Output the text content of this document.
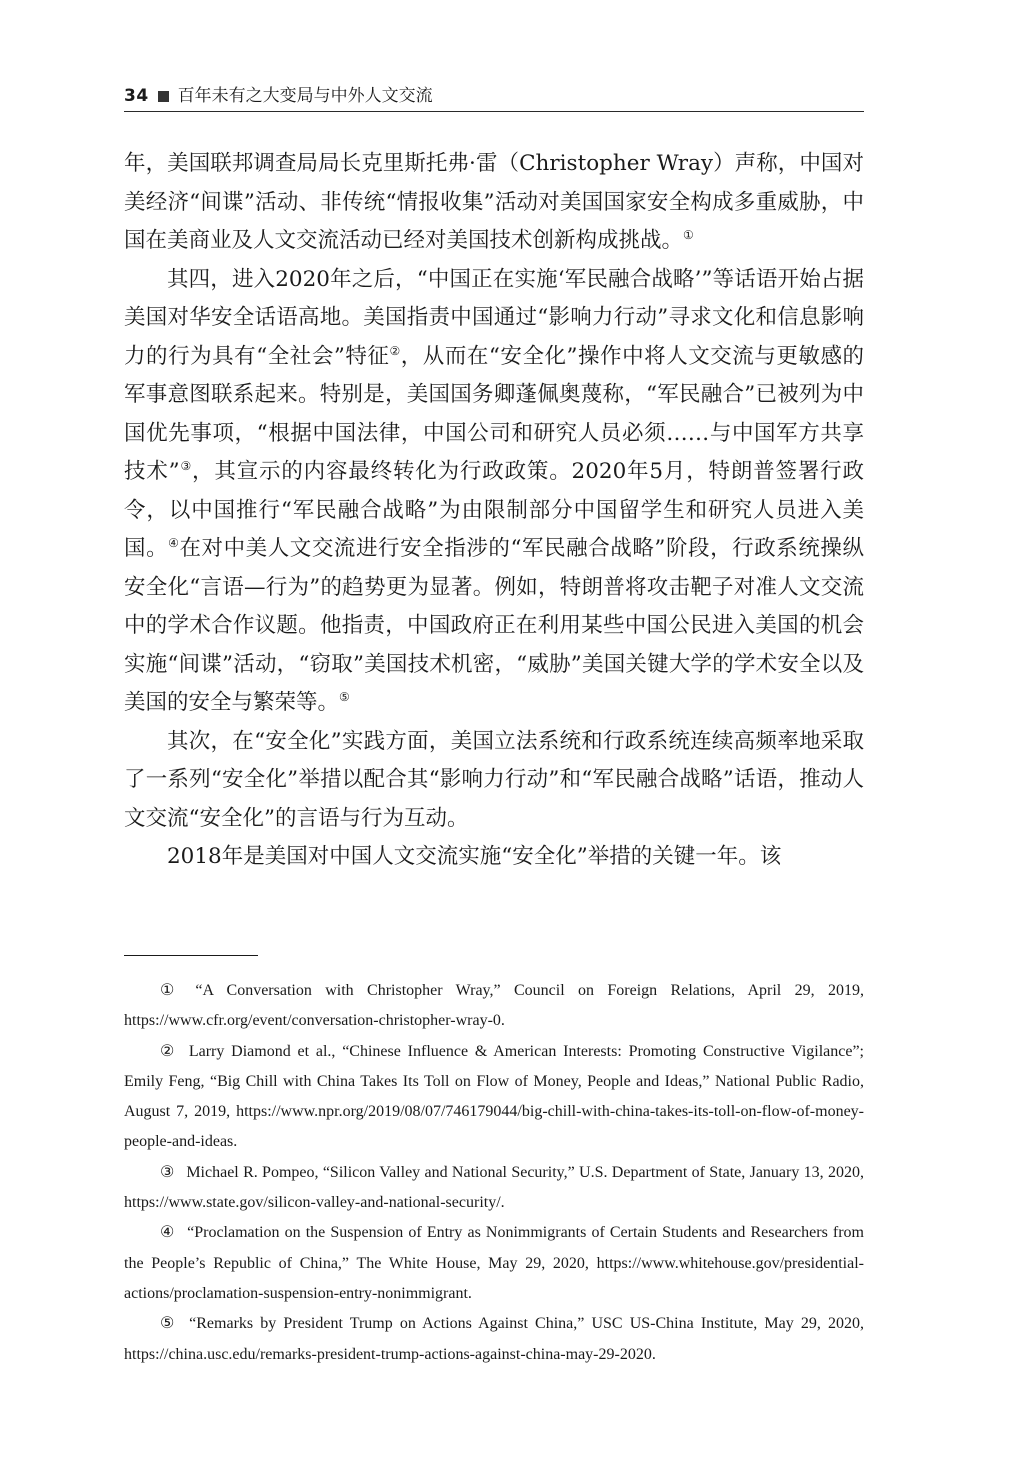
34 百年未有之大变局与中外人文交流

年，美国联邦调查局局长克里斯托弗·雷（Christopher Wray）声称，中国对美经济“间谍”活动、非传统“情报收集”活动对美国国家安全构成多重威胁，中国在美商业及人文交流活动已经对美国技术创新构成挑战。①

其四，进入2020年之后，“中国正在实施‘军民融合战略’”等话语开始占据美国对华安全话语高地。美国指责中国通过“影响力行动”寻求文化和信息影响力的行为具有“全社会”特征②，从而在“安全化”操作中将人文交流与更敏感的军事意图联系起来。特别是，美国国务卿蓬佩奥蔑称，“军民融合”已被列为中国优先事项，“根据中国法律，中国公司和研究人员必须……与中国军方共享技术”③，其宣示的内容最终转化为行政政策。2020年5月，特朗普签署行政令，以中国推行“军民融合战略”为由限制部分中国留学生和研究人员进入美国。④在对中美人文交流进行安全指涉的“军民融合战略”阶段，行政系统操纵安全化“言语—行为”的趋势更为显著。例如，特朗普将攻击靶子对准人文交流中的学术合作议题。他指责，中国政府正在利用某些中国公民进入美国的机会实施“间谍”活动，“窃取”美国技术机密，“威胁”美国关键大学的学术安全以及美国的安全与繁荣等。⑤

其次，在“安全化”实践方面，美国立法系统和行政系统连续高频率地采取了一系列“安全化”举措以配合其“影响力行动”和“军民融合战略”话语，推动人文交流“安全化”的言语与行为互动。

2018年是美国对中国人文交流实施“安全化”举措的关键一年。该

① “A Conversation with Christopher Wray,” Council on Foreign Relations, April 29, 2019, https://www.cfr.org/event/conversation-christopher-wray-0.

② Larry Diamond et al., “Chinese Influence & American Interests: Promoting Constructive Vigilance”; Emily Feng, “Big Chill with China Takes Its Toll on Flow of Money, People and Ideas,” National Public Radio, August 7, 2019, https://www.npr.org/2019/08/07/746179044/big-chill-with-china-takes-its-toll-on-flow-of-money-people-and-ideas.

③ Michael R. Pompeo, “Silicon Valley and National Security,” U.S. Department of State, January 13, 2020, https://www.state.gov/silicon-valley-and-national-security/.

④ “Proclamation on the Suspension of Entry as Nonimmigrants of Certain Students and Researchers from the People’s Republic of China,” The White House, May 29, 2020, https://www.whitehouse.gov/presidential-actions/proclamation-suspension-entry-nonimmigrant.

⑤ “Remarks by President Trump on Actions Against China,” USC US-China Institute, May 29, 2020, https://china.usc.edu/remarks-president-trump-actions-against-china-may-29-2020.
